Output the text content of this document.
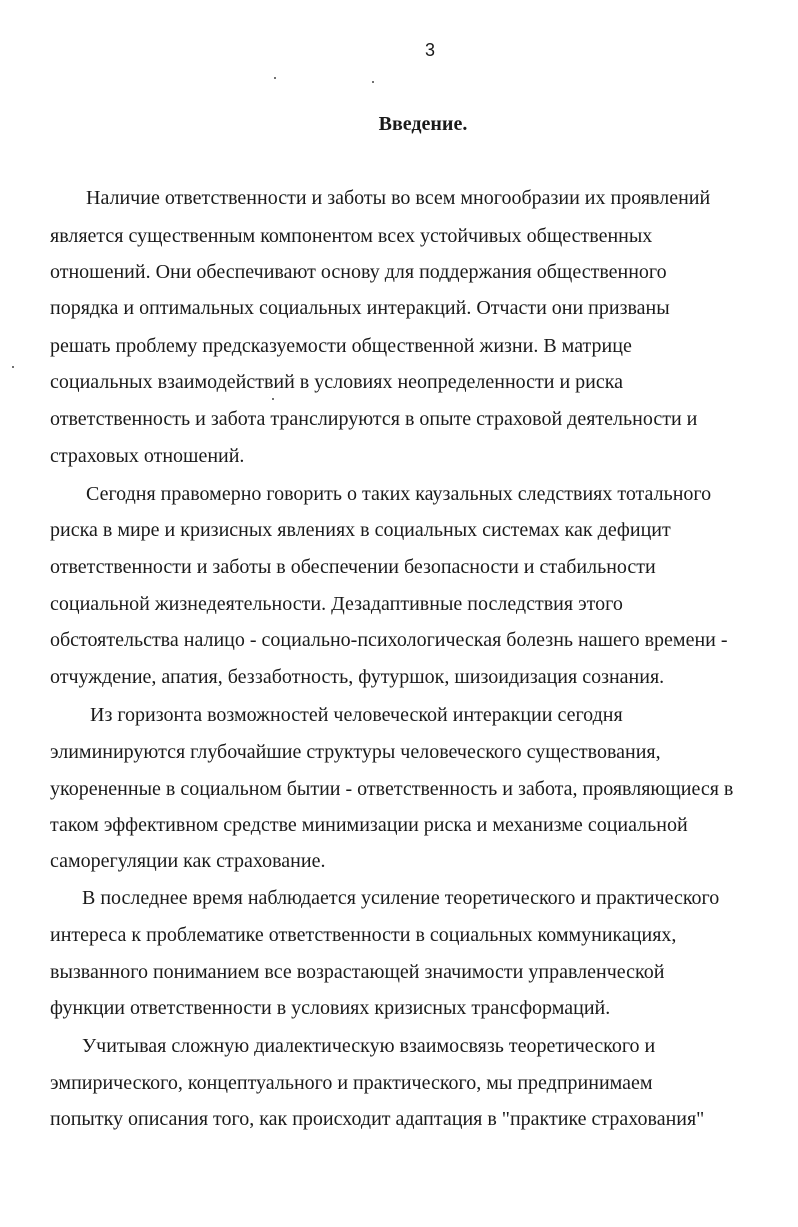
3
Введение.
Наличие ответственности и заботы во всем многообразии их проявлений
является существенным компонентом всех устойчивых общественных
отношений. Они обеспечивают основу для поддержания общественного
порядка и оптимальных социальных интеракций. Отчасти они призваны
решать проблему предсказуемости общественной жизни. В матрице
социальных взаимодействий в условиях неопределенности и риска
ответственность и забота транслируются в опыте страховой деятельности и
страховых отношений.
Сегодня правомерно говорить о таких каузальных следствиях тотального
риска в мире и кризисных явлениях в социальных системах как дефицит
ответственности и заботы в обеспечении безопасности и стабильности
социальной жизнедеятельности. Дезадаптивные последствия этого
обстоятельства налицо - социально-психологическая болезнь нашего времени -
отчуждение, апатия, беззаботность, футуршок, шизоидизация сознания.
Из горизонта возможностей человеческой интеракции сегодня
элиминируются глубочайшие структуры человеческого существования,
укорененные в социальном бытии - ответственность и забота, проявляющиеся в
таком эффективном средстве минимизации риска и механизме социальной
саморегуляции как страхование.
В последнее время наблюдается усиление теоретического и практического
интереса к проблематике ответственности в социальных коммуникациях,
вызванного пониманием все возрастающей значимости управленческой
функции ответственности в условиях кризисных трансформаций.
Учитывая сложную диалектическую взаимосвязь теоретического и
эмпирического, концептуального и практического, мы предпринимаем
попытку описания того, как происходит адаптация в "практике страхования"
